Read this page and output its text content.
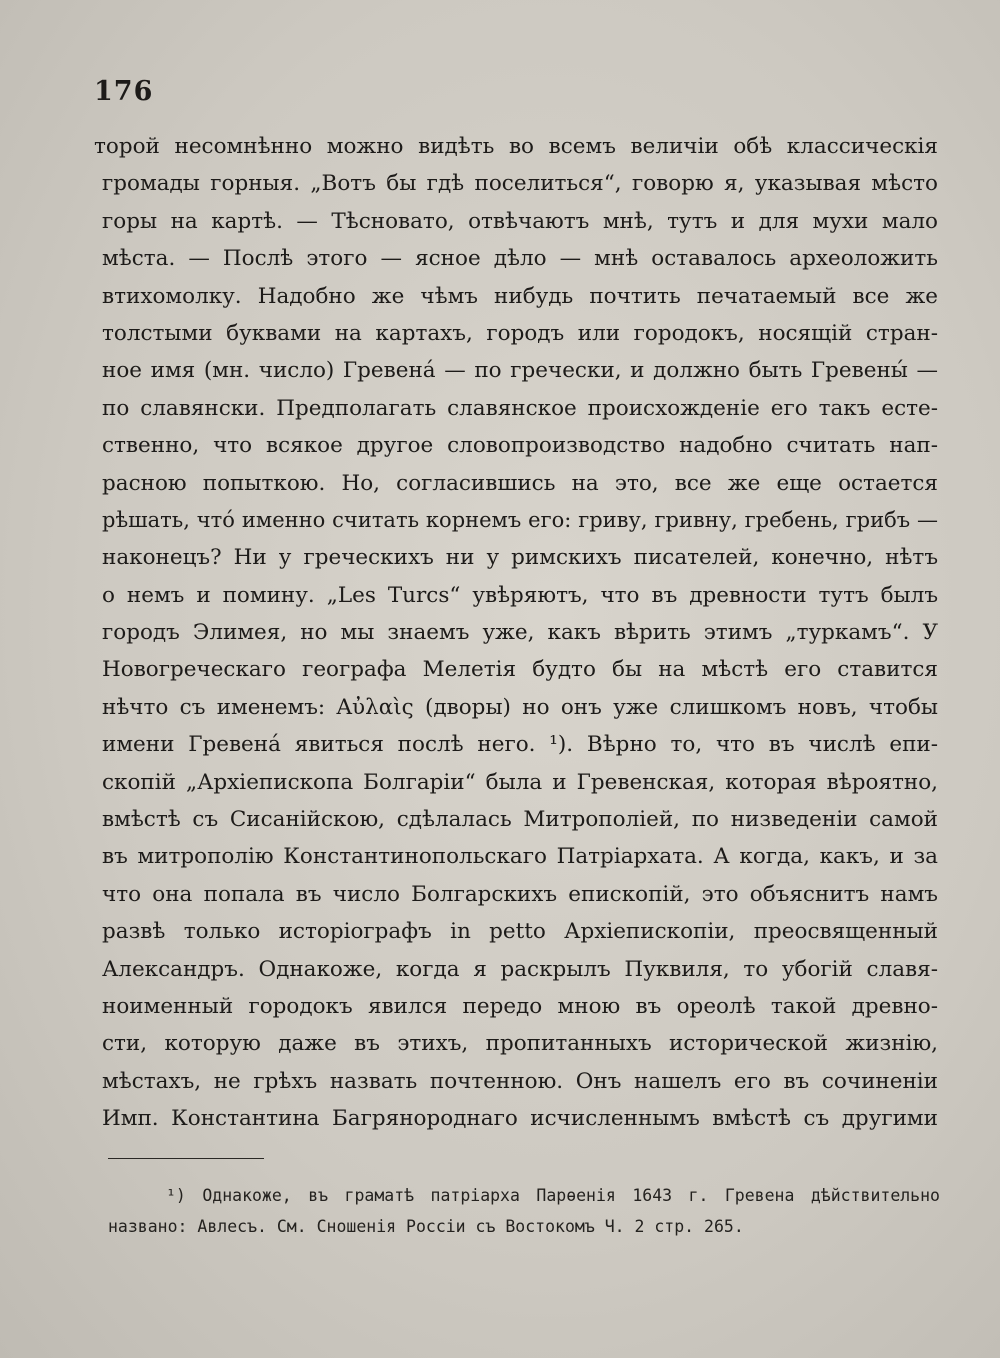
176
торой несомнѣнно можно видѣть во всемъ величіи обѣ классическія
громады горныя. „Вотъ бы гдѣ поселиться“, говорю я, указывая мѣсто
горы на картѣ. — Тѣсновато, отвѣчаютъ мнѣ, тутъ и для мухи мало
мѣста. — Послѣ этого — ясное дѣло — мнѣ оставалось археоложить
втихомолку. Надобно же чѣмъ нибудь почтить печатаемый все же
толстыми буквами на картахъ, городъ или городокъ, носящій стран-
ное имя (мн. число) Гревена́ — по гречески, и должно быть Гревены́ —
по славянски. Предполагать славянское происхожденіе его такъ есте-
ственно, что всякое другое словопроизводство надобно считать нап-
расною попыткою. Но, согласившись на это, все же еще остается
рѣшать, что́ именно считать корнемъ его: гриву, гривну, гребень, грибъ —
наконецъ? Ни у греческихъ ни у римскихъ писателей, конечно, нѣтъ
о немъ и помину. „Les Turcs“ увѣряютъ, что въ древности тутъ былъ
городъ Элимея, но мы знаемъ уже, какъ вѣрить этимъ „туркамъ“. У
Новогреческаго географа Мелетія будто бы на мѣстѣ его ставится
нѣчто съ именемъ: Αὐλαὶς (дворы) но онъ уже слишкомъ новъ, чтобы
имени Гревена́ явиться послѣ него. ¹). Вѣрно то, что въ числѣ епи-
скопій „Архіепископа Болгаріи“ была и Гревенская, которая вѣроятно,
вмѣстѣ съ Сисанійскою, сдѣлалась Митрополіей, по низведеніи самой
въ митрополію Константинопольскаго Патріархата. А когда, какъ, и за
что она попала въ число Болгарскихъ епископій, это объяснитъ намъ
развѣ только исторіографъ in petto Архіепископіи, преосвященный
Александръ. Однакоже, когда я раскрылъ Пуквиля, то убогій славя-
ноименный городокъ явился передо мною въ ореолѣ такой древно-
сти, которую даже въ этихъ, пропитанныхъ исторической жизнію,
мѣстахъ, не грѣхъ назвать почтенною. Онъ нашелъ его въ сочиненіи
Имп. Константина Багрянороднаго исчисленнымъ вмѣстѣ съ другими
¹) Однакоже, въ граматѣ патріарха Парѳенія 1643 г. Гревена дѣйствительно
названо: Авлесъ. См. Сношенія Россіи съ Востокомъ Ч. 2 стр. 265.
